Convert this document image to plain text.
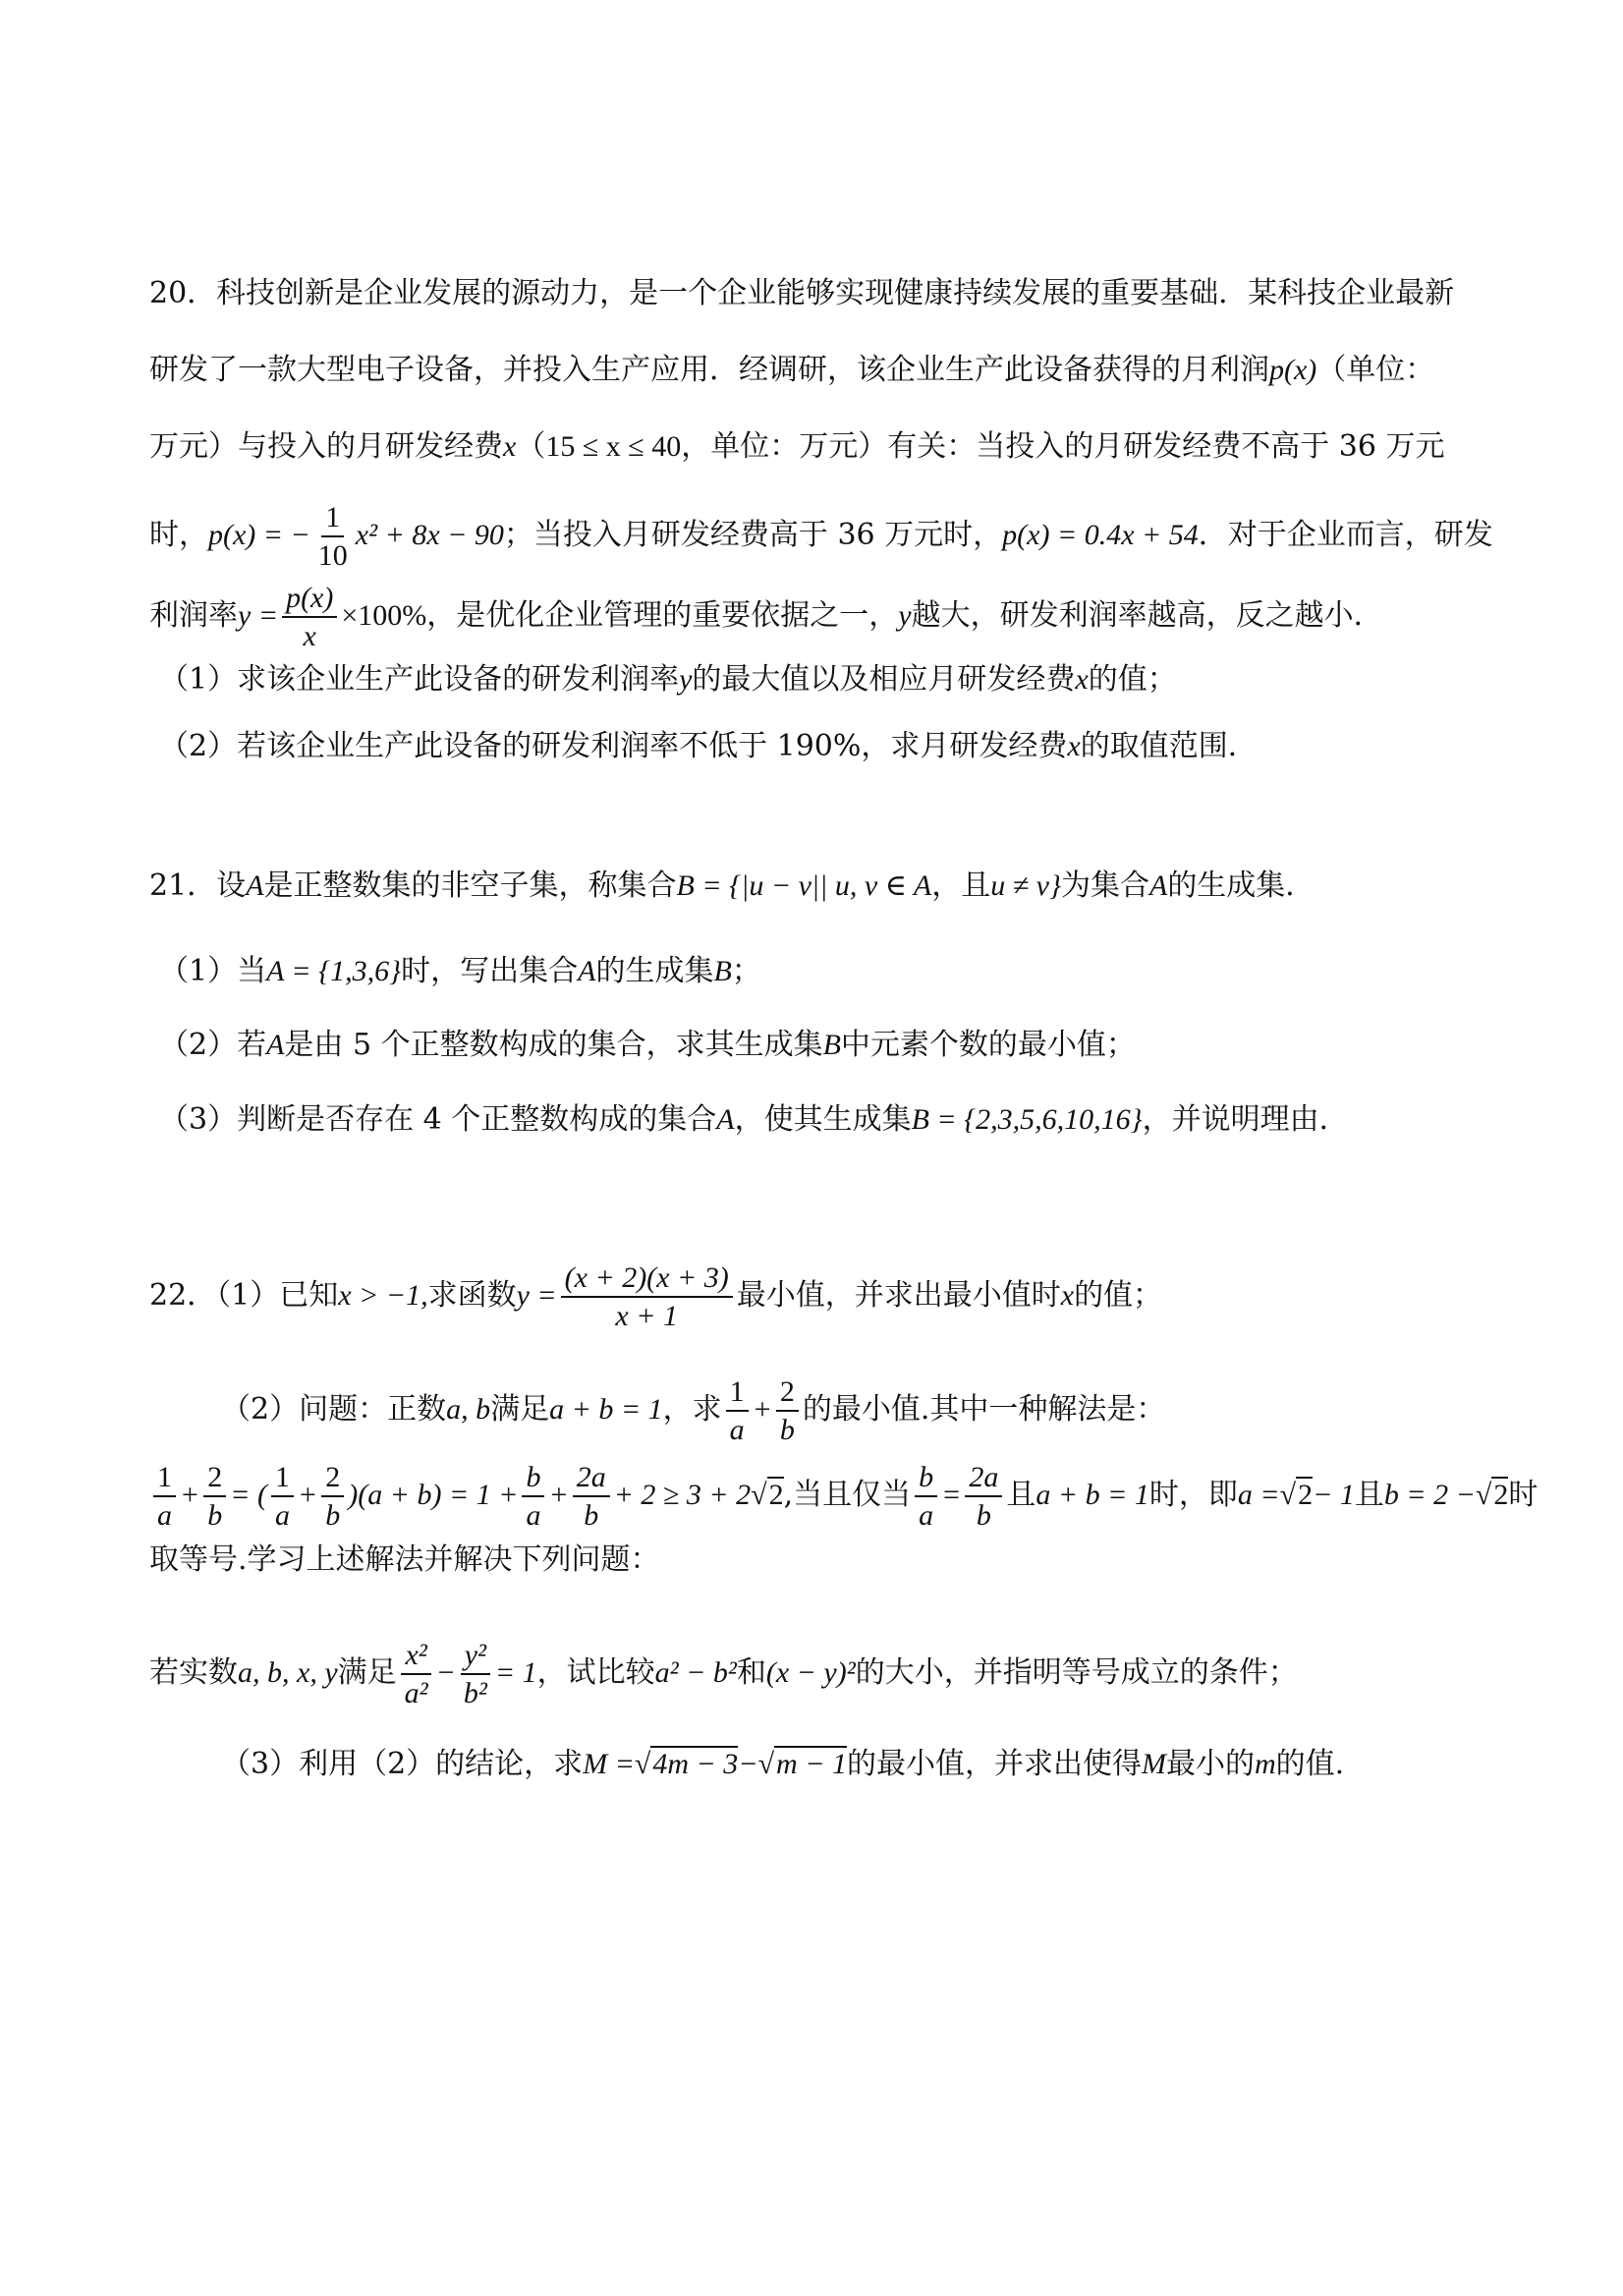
20．科技创新是企业发展的源动力，是一个企业能够实现健康持续发展的重要基础．某科技企业最新
研发了一款大型电子设备，并投入生产应用．经调研，该企业生产此设备获得的月利润p(x)（单位：
万元）与投入的月研发经费x（15 ≤ x ≤ 40，单位：万元）有关：当投入的月研发经费不高于 36 万元
时，p(x) = − $\frac{1}{10} x^2 + 8x - 90$；当投入月研发经费高于 36 万元时，p(x) = 0.4x + 54．对于企业而言，研发
利润率$y = \frac{p(x)}{x} \times 100\%$，是优化企业管理的重要依据之一，y越大，研发利润率越高，反之越小．
（1）求该企业生产此设备的研发利润率y的最大值以及相应月研发经费x的值；
（2）若该企业生产此设备的研发利润率不低于 190%，求月研发经费x的取值范围．
21．设A是正整数集的非空子集，称集合B = {|u − v|| u, v ∈ A，且u ≠ v}为集合A的生成集．
（1）当A = {1,3,6}时，写出集合A的生成集B；
（2）若A是由 5 个正整数构成的集合，求其生成集B中元素个数的最小值；
（3）判断是否存在 4 个正整数构成的集合A，使其生成集B = {2,3,5,6,10,16}，并说明理由．
22．（1）已知x > −1,求函数$y = \frac{(x + 2)(x + 3)}{x + 1}$ 最小值，并求出最小值时x的值；
（2）问题：正数a, b满足a + b = 1，求 $\frac{1}{a} + \frac{2}{b}$ 的最小值.其中一种解法是：
$\frac{1}{a} + \frac{2}{b}$ = ( $\frac{1}{a} + \frac{2}{b} )(a + b) = 1 + \frac{b}{a} + \frac{2a}{b} + 2 \ge 3 + 2√2$,当且仅当 $\frac{b}{a} = \frac{2a}{b}$ 且a + b = 1时，即a =√2− 1且b = 2 −√2时
取等号.学习上述解法并解决下列问题：
若实数a, b, x, y满足 $\frac{\text{x²}}{\text{a²}} - \frac{\text{y²}}{\text{b²}} = 1$，试比较a² − b²和(x − y)²的大小，并指明等号成立的条件；
（3）利用（2）的结论，求M =√4m − 3−√m − 1的最小值，并求出使得M最小的m的值.
